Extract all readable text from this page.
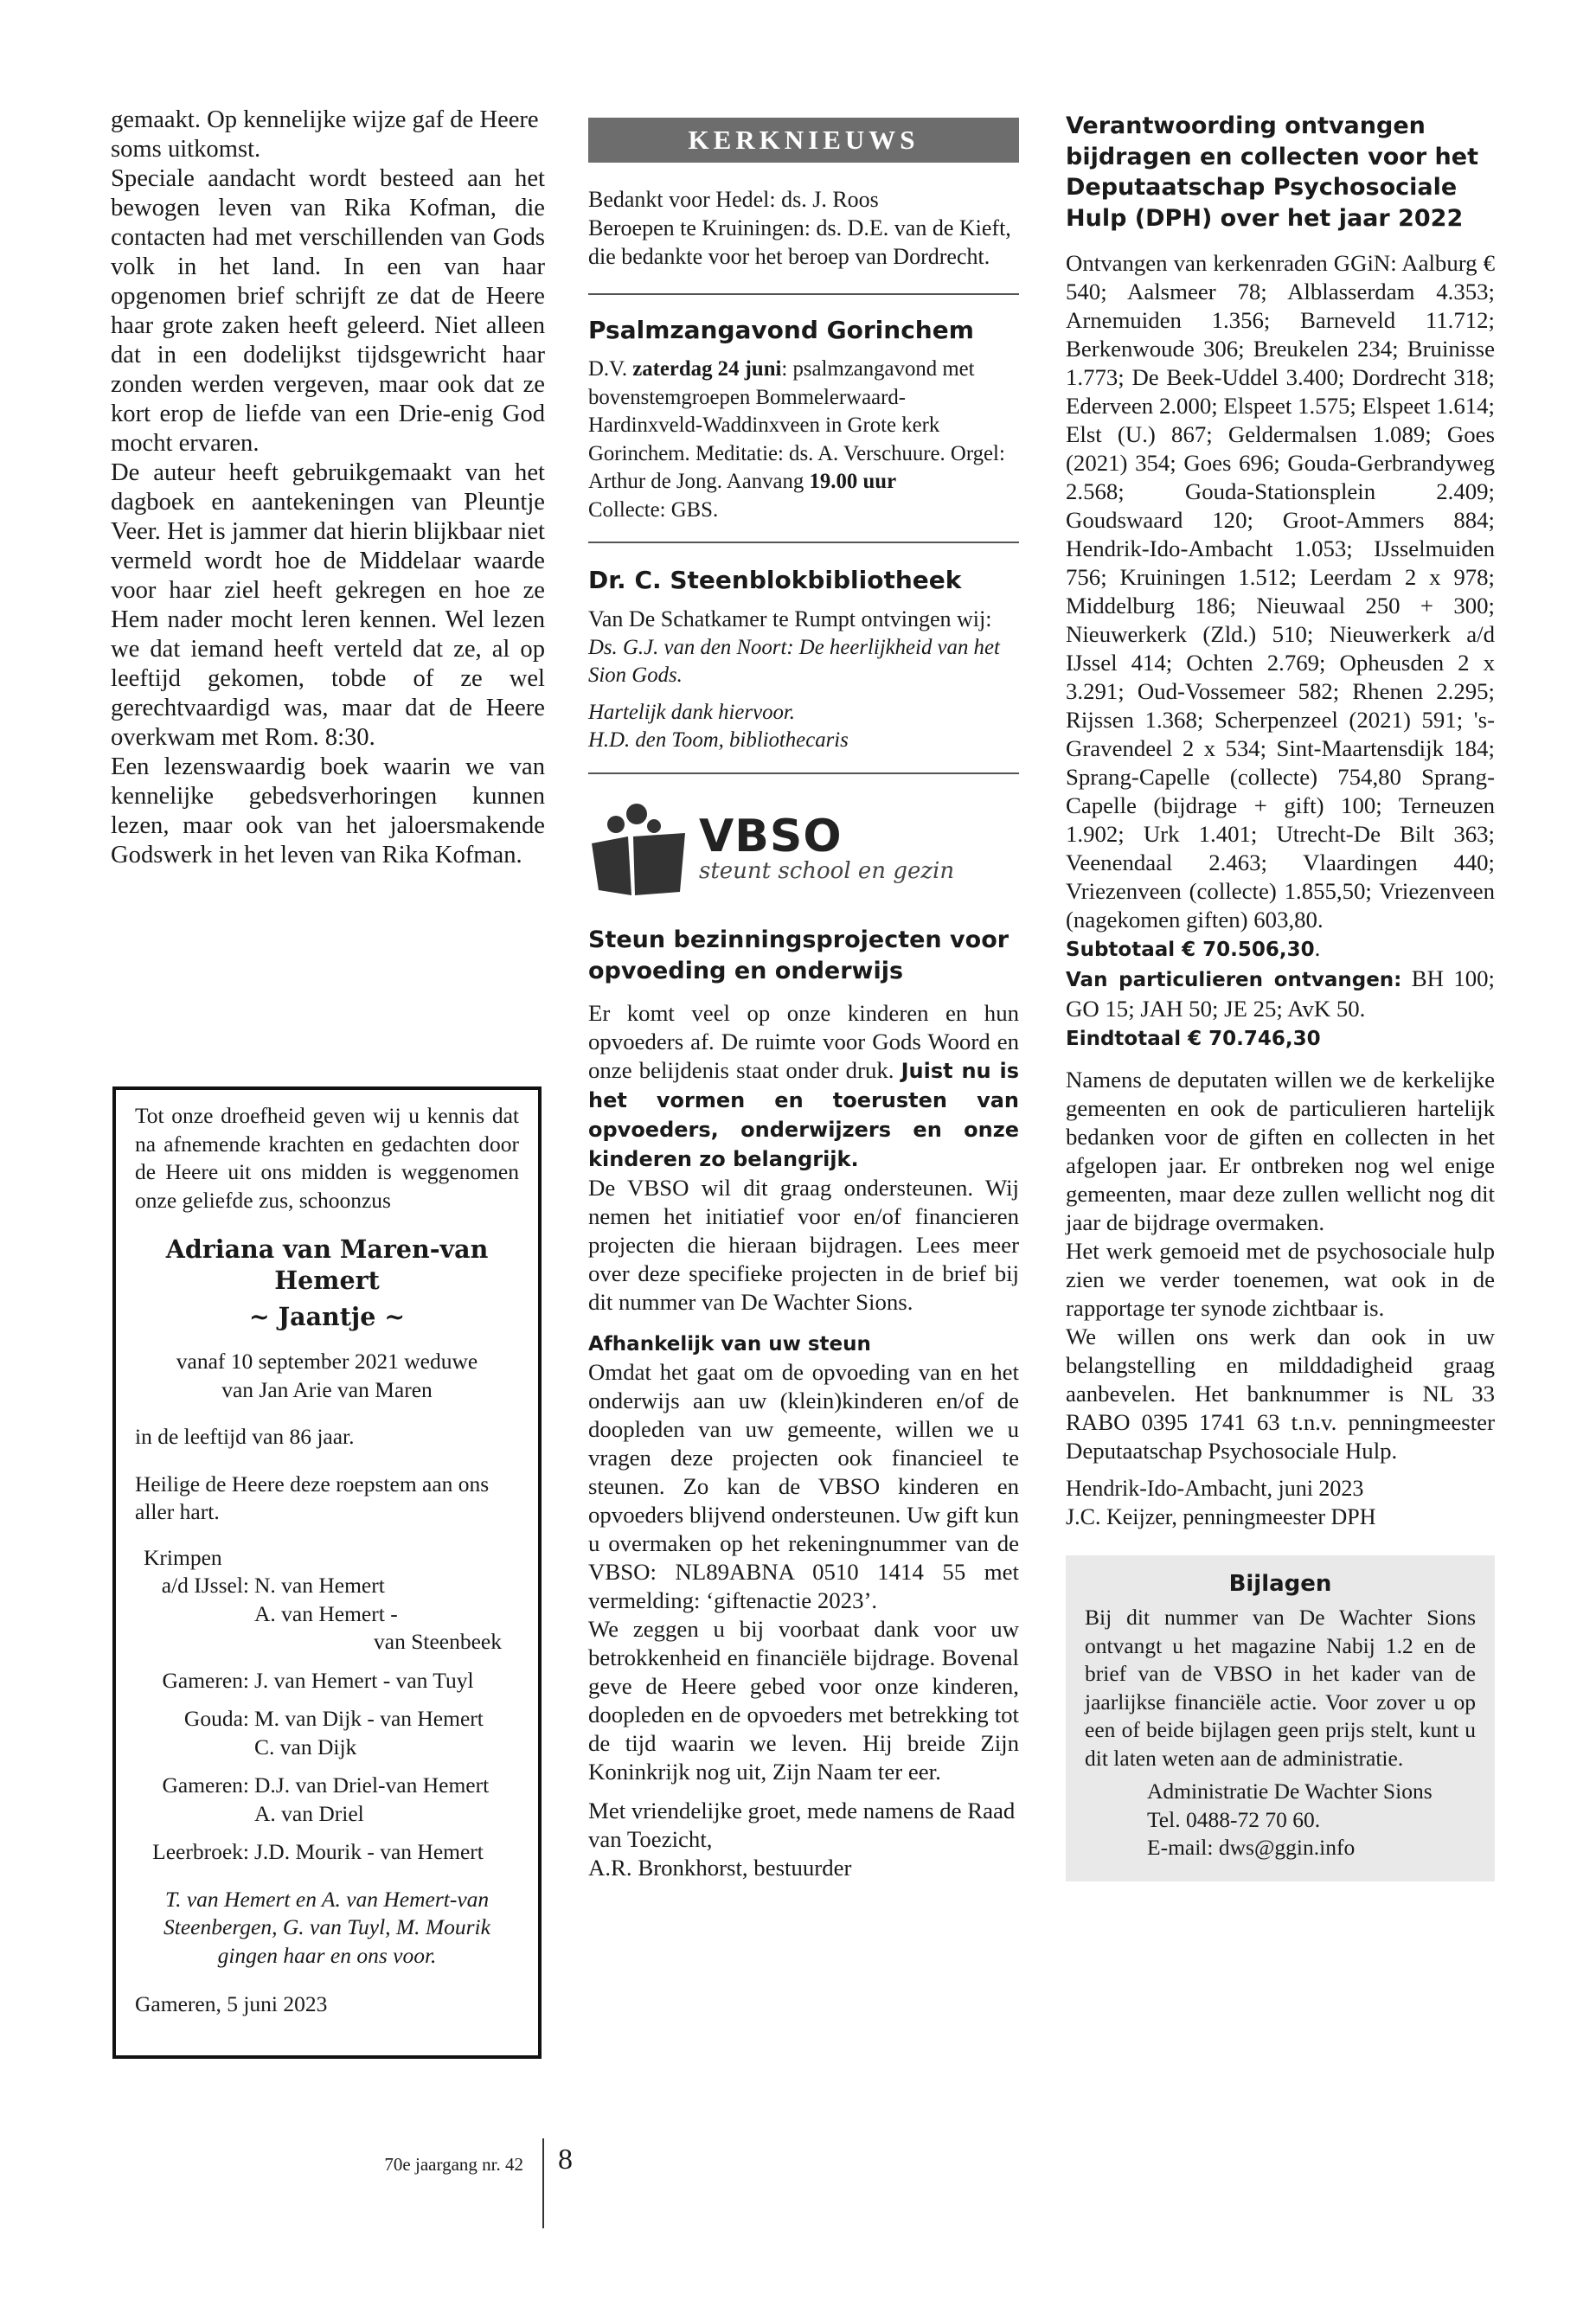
gemaakt. Op kennelijke wijze gaf de Heere soms uitkomst.

Speciale aandacht wordt besteed aan het bewogen leven van Rika Kofman, die contacten had met verschillenden van Gods volk in het land. In een van haar opgenomen brief schrijft ze dat de Heere haar grote zaken heeft geleerd. Niet alleen dat in een dodelijkst tijdsgewricht haar zonden werden vergeven, maar ook dat ze kort erop de liefde van een Drie-enig God mocht ervaren.

De auteur heeft gebruikgemaakt van het dagboek en aantekeningen van Pleuntje Veer. Het is jammer dat hierin blijkbaar niet vermeld wordt hoe de Middelaar waarde voor haar ziel heeft gekregen en hoe ze Hem nader mocht leren kennen. Wel lezen we dat iemand heeft verteld dat ze, al op leeftijd gekomen, tobde of ze wel gerechtvaardigd was, maar dat de Heere overkwam met Rom. 8:30.

Een lezenswaardig boek waarin we van kennelijke gebedsverhoringen kunnen lezen, maar ook van het jaloersmakende Godswerk in het leven van Rika Kofman.

Tot onze droefheid geven wij u kennis dat na afnemende krachten en gedachten door de Heere uit ons midden is weggenomen onze geliefde zus, schoonzus

Adriana van Maren-van Hemert

~ Jaantje ~

vanaf 10 september 2021 weduwe

van Jan Arie van Maren

in de leeftijd van 86 jaar.

Heilige de Heere deze roepstem aan ons aller hart.

Krimpen
a/d IJssel: N. van Hemert
A. van Hemert -
van Steenbeek
Gameren: J. van Hemert - van Tuyl
Gouda: M. van Dijk - van Hemert
C. van Dijk
Gameren: D.J. van Driel-van Hemert
A. van Driel
Leerbroek: J.D. Mourik - van Hemert

T. van Hemert en A. van Hemert-van Steenbergen, G. van Tuyl, M. Mourik gingen haar en ons voor.

Gameren, 5 juni 2023

KERKNIEUWS

Bedankt voor Hedel: ds. J. Roos

Beroepen te Kruiningen: ds. D.E. van de Kieft, die bedankte voor het beroep van Dordrecht.

Psalmzangavond Gorinchem

D.V. zaterdag 24 juni: psalmzangavond met bovenstemgroepen Bommelerwaard-Hardinxveld-Waddinxveen in Grote kerk Gorinchem. Meditatie: ds. A. Verschuure. Orgel: Arthur de Jong. Aanvang 19.00 uur
Collecte: GBS.

Dr. C. Steenblokbibliotheek

Van De Schatkamer te Rumpt ontvingen wij:

Ds. G.J. van den Noort: De heerlijkheid van het Sion Gods.

Hartelijk dank hiervoor.

H.D. den Toom, bibliothecaris

VBSO
steunt school en gezin

Steun bezinningsprojecten voor opvoeding en onderwijs

Er komt veel op onze kinderen en hun opvoeders af. De ruimte voor Gods Woord en onze belijdenis staat onder druk. Juist nu is het vormen en toerusten van opvoeders, onderwijzers en onze kinderen zo belangrijk.

De VBSO wil dit graag ondersteunen. Wij nemen het initiatief voor en/of financieren projecten die hieraan bijdragen. Lees meer over deze specifieke projecten in de brief bij dit nummer van De Wachter Sions.

Afhankelijk van uw steun

Omdat het gaat om de opvoeding van en het onderwijs aan uw (klein)kinderen en/of de doopleden van uw gemeente, willen we u vragen deze projecten ook financieel te steunen. Zo kan de VBSO kinderen en opvoeders blijvend ondersteunen. Uw gift kun u overmaken op het rekeningnummer van de VBSO: NL89ABNA 0510 1414 55 met vermelding: ‘giftenactie 2023’.

We zeggen u bij voorbaat dank voor uw betrokkenheid en financiële bijdrage. Bovenal geve de Heere gebed voor onze kinderen, doopleden en de opvoeders met betrekking tot de tijd waarin we leven. Hij breide Zijn Koninkrijk nog uit, Zijn Naam ter eer.

Met vriendelijke groet, mede namens de Raad van Toezicht,

A.R. Bronkhorst, bestuurder

Verantwoording ontvangen bijdragen en collecten voor het Deputaatschap Psychosociale Hulp (DPH) over het jaar 2022

Ontvangen van kerkenraden GGiN: Aalburg € 540; Aalsmeer 78; Alblasserdam 4.353; Arnemuiden 1.356; Barneveld 11.712; Berkenwoude 306; Breukelen 234; Bruinisse 1.773; De Beek-Uddel 3.400; Dordrecht 318; Ederveen 2.000; Elspeet 1.575; Elspeet 1.614; Elst (U.) 867; Geldermalsen 1.089; Goes (2021) 354; Goes 696; Gouda-Gerbrandyweg 2.568; Gouda-Stationsplein 2.409; Goudswaard 120; Groot-Ammers 884; Hendrik-Ido-Ambacht 1.053; IJsselmuiden 756; Kruiningen 1.512; Leerdam 2 x 978; Middelburg 186; Nieuwaal 250 + 300; Nieuwerkerk (Zld.) 510; Nieuwerkerk a/d IJssel 414; Ochten 2.769; Opheusden 2 x 3.291; Oud-Vossemeer 582; Rhenen 2.295; Rijssen 1.368; Scherpenzeel (2021) 591; 's-Gravendeel 2 x 534; Sint-Maartensdijk 184; Sprang-Capelle (collecte) 754,80 Sprang-Capelle (bijdrage + gift) 100; Terneuzen 1.902; Urk 1.401; Utrecht-De Bilt 363; Veenendaal 2.463; Vlaardingen 440; Vriezenveen (collecte) 1.855,50; Vriezenveen (nagekomen giften) 603,80.

Subtotaal € 70.506,30.

Van particulieren ontvangen: BH 100; GO 15; JAH 50; JE 25; AvK 50.

Eindtotaal € 70.746,30

Namens de deputaten willen we de kerkelijke gemeenten en ook de particulieren hartelijk bedanken voor de giften en collecten in het afgelopen jaar. Er ontbreken nog wel enige gemeenten, maar deze zullen wellicht nog dit jaar de bijdrage overmaken.

Het werk gemoeid met de psychosociale hulp zien we verder toenemen, wat ook in de rapportage ter synode zichtbaar is.

We willen ons werk dan ook in uw belangstelling en milddadigheid graag aanbevelen. Het banknummer is NL 33 RABO 0395 1741 63 t.n.v. penningmeester Deputaatschap Psychosociale Hulp.

Hendrik-Ido-Ambacht, juni 2023

J.C. Keijzer, penningmeester DPH

Bijlagen

Bij dit nummer van De Wachter Sions ontvangt u het magazine Nabij 1.2 en de brief van de VBSO in het kader van de jaarlijkse financiële actie. Voor zover u op een of beide bijlagen geen prijs stelt, kunt u dit laten weten aan de administratie.

Administratie De Wachter Sions

Tel. 0488-72 70 60.

E-mail: dws@ggin.info

70e jaargang nr. 42 8
